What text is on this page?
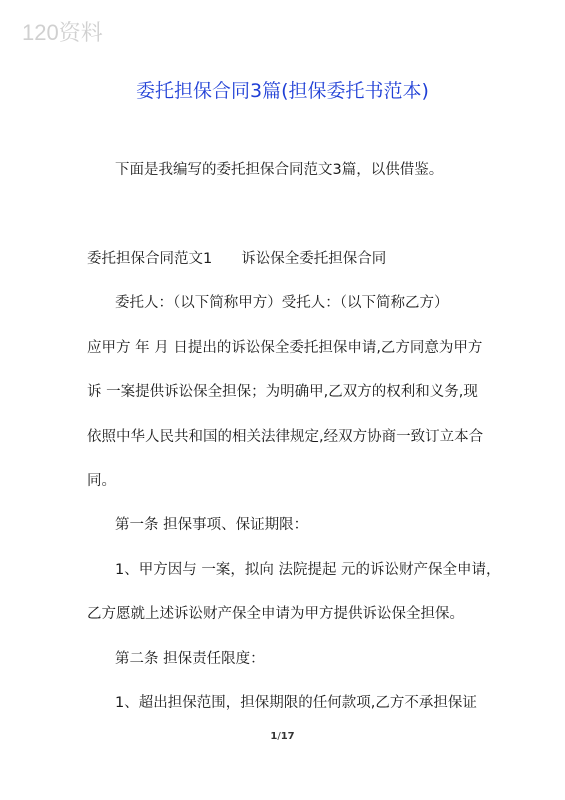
120资料
委托担保合同3篇(担保委托书范本)
下面是我编写的委托担保合同范文3篇，以供借鉴。
委托担保合同范文1　　诉讼保全委托担保合同
委托人：（以下简称甲方）受托人：（以下简称乙方）
应甲方 年 月 日提出的诉讼保全委托担保申请,乙方同意为甲方
诉 一案提供诉讼保全担保；为明确甲,乙双方的权利和义务,现
依照中华人民共和国的相关法律规定,经双方协商一致订立本合
同。
第一条 担保事项、保证期限：
1、甲方因与 一案，拟向 法院提起 元的诉讼财产保全申请，
乙方愿就上述诉讼财产保全申请为甲方提供诉讼保全担保。
第二条 担保责任限度：
1、超出担保范围，担保期限的任何款项,乙方不承担保证
1/17
